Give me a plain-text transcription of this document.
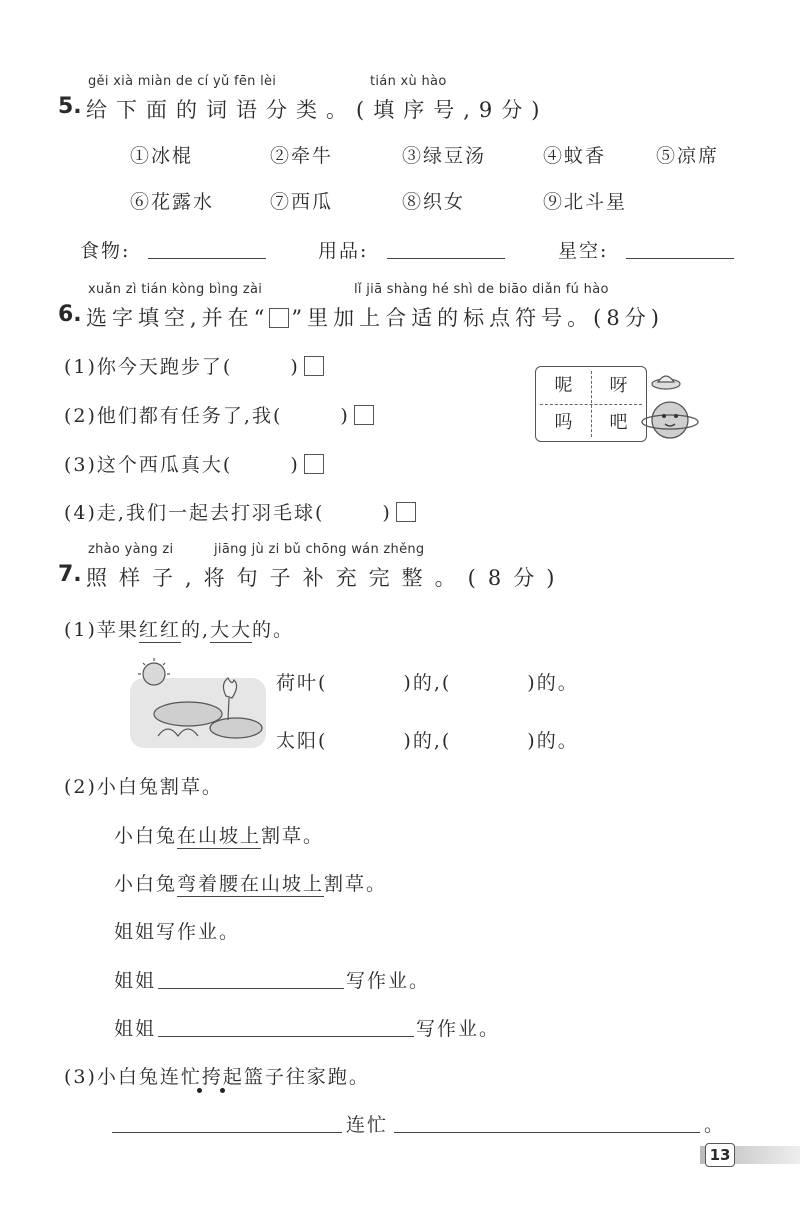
gěi xià miàn de cí yǔ fēn lèi	tián xù hào
5. 给下面的词语分类。(填序号,9分)
①冰棍	②牵牛	③绿豆汤	④蚊香	⑤凉席
⑥花露水	⑦西瓜	⑧织女	⑨北斗星
食物:	用品:	星空:
xuǎn zì tián kòng bìng zài	lǐ jiā shàng hé shì de biāo diǎn fú hào
6. 选字填空,并在“ ”里加上合适的标点符号。(8分)
(1)你今天跑步了(	)
(2)他们都有任务了,我(	)
(3)这个西瓜真大(	)
(4)走,我们一起去打羽毛球(	)
呢	呀
吗	吧
zhào yàng zi	jiāng jù zi bǔ chōng wán zhěng
7. 照样子,将句子补充完整。(8分)
(1)苹果红红的,大大的。
荷叶(	)的,(	)的。
太阳(	)的,(	)的。
(2)小白兔割草。
小白兔在山坡上割草。
小白兔弯着腰在山坡上割草。
姐姐写作业。
姐姐	写作业。
姐姐	写作业。
(3)小白兔连忙挎起篮子往家跑。
连忙	。
13
